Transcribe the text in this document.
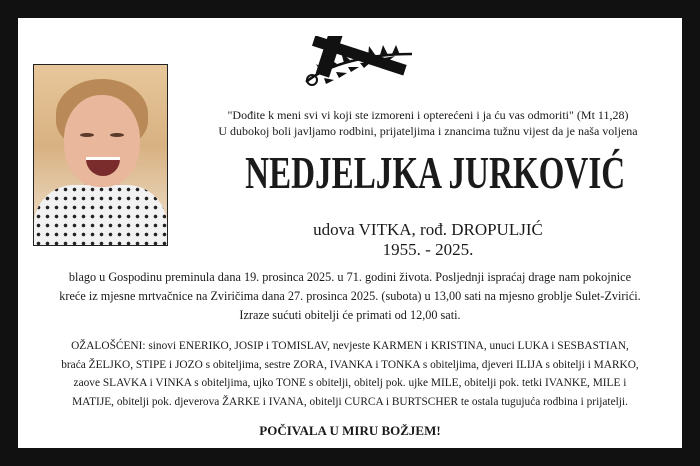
"Dođite k meni svi vi koji ste izmoreni i opterećeni i ja ću vas odmoriti" (Mt 11,28)
U dubokoj boli javljamo rodbini, prijateljima i znancima tužnu vijest da je naša voljena
NEDJELJKA JURKOVIĆ
udova VITKA, rođ. DROPULJIĆ
1955. - 2025.
blago u Gospodinu preminula dana 19. prosinca 2025. u 71. godini života. Posljednji ispraćaj drage nam pokojnice
kreće iz mjesne mrtvačnice na Zviričima dana 27. prosinca 2025. (subota) u 13,00 sati na mjesno groblje Sulet-Zvirići.
Izraze sućuti obitelji će primati od 12,00 sati.
OŽALOŠĆENI: sinovi ENERIKO, JOSIP i TOMISLAV, nevjeste KARMEN i KRISTINA, unuci LUKA i SESBASTIAN,
braća ŽELJKO, STIPE i JOZO s obiteljima, sestre ZORA, IVANKA i TONKA s obiteljima, djeveri ILIJA s obitelji i MARKO,
zaove SLAVKA i VINKA s obiteljima, ujko TONE s obitelji, obitelj pok. ujke MILE, obitelji pok. tetki IVANKE, MILE i
MATIJE, obitelji pok. djeverova ŽARKE i IVANA, obitelji CURCA i BURTSCHER te ostala tugujuća rodbina i prijatelji.
POČIVALA U MIRU BOŽJEM!
